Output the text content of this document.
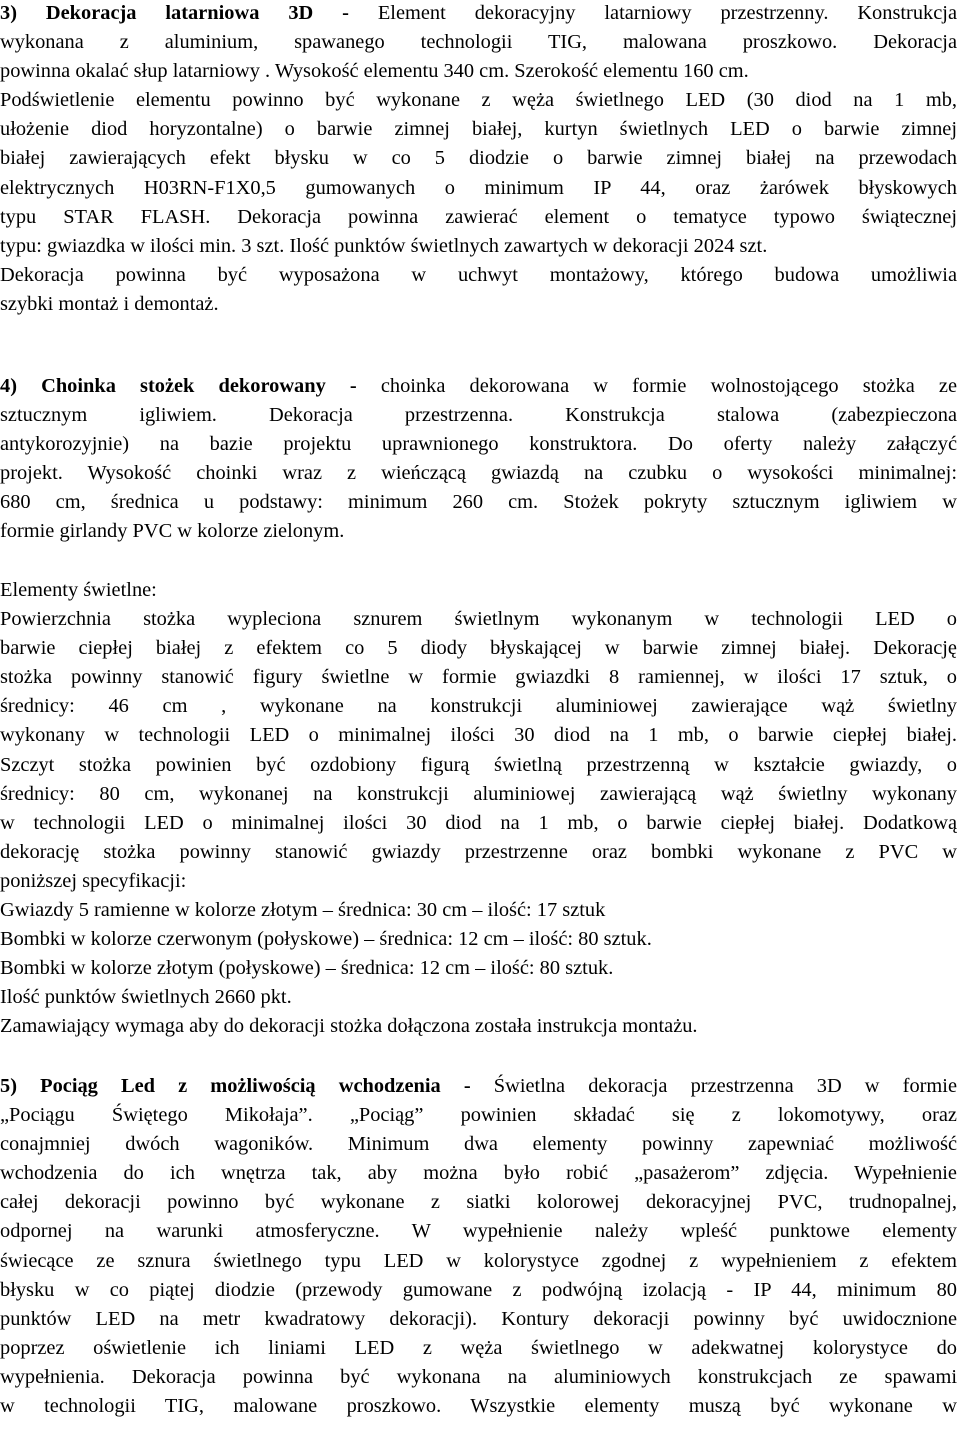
3) Dekoracja latarniowa 3D - Element dekoracyjny latarniowy przestrzenny. Konstrukcja
wykonana z aluminium, spawanego technologii TIG, malowana proszkowo. Dekoracja
powinna okalać słup latarniowy . Wysokość elementu 340 cm. Szerokość elementu 160 cm.
Podświetlenie elementu powinno być wykonane z węża świetlnego LED (30 diod na 1 mb,
ułożenie diod horyzontalne) o barwie zimnej białej, kurtyn świetlnych LED o barwie zimnej
białej zawierających efekt błysku w co 5 diodzie o barwie zimnej białej na przewodach
elektrycznych H03RN-F1X0,5 gumowanych o minimum IP 44, oraz żarówek błyskowych
typu STAR FLASH. Dekoracja powinna zawierać element o tematyce typowo świątecznej
typu: gwiazdka w ilości min. 3 szt. Ilość punktów świetlnych zawartych w dekoracji 2024 szt.
Dekoracja powinna być wyposażona w uchwyt montażowy, którego budowa umożliwia
szybki montaż i demontaż.
4) Choinka stożek dekorowany - choinka dekorowana w formie wolnostojącego stożka ze
sztucznym igliwiem. Dekoracja przestrzenna. Konstrukcja stalowa (zabezpieczona
antykorozyjnie) na bazie projektu uprawnionego konstruktora. Do oferty należy załączyć
projekt. Wysokość choinki wraz z wieńczącą gwiazdą na czubku o wysokości minimalnej:
680 cm, średnica u podstawy: minimum 260 cm. Stożek pokryty sztucznym igliwiem w
formie girlandy PVC w kolorze zielonym.
Elementy świetlne:
Powierzchnia stożka wypleciona sznurem świetlnym wykonanym w technologii LED o
barwie ciepłej białej z efektem co 5 diody błyskającej w barwie zimnej białej. Dekorację
stożka powinny stanowić figury świetlne w formie gwiazdki 8 ramiennej, w ilości 17 sztuk, o
średnicy: 46 cm , wykonane na konstrukcji aluminiowej zawierające wąż świetlny
wykonany w technologii LED o minimalnej ilości 30 diod na 1 mb, o barwie ciepłej białej.
Szczyt stożka powinien być ozdobiony figurą świetlną przestrzenną w kształcie gwiazdy, o
średnicy: 80 cm, wykonanej na konstrukcji aluminiowej zawierającą wąż świetlny wykonany
w technologii LED o minimalnej ilości 30 diod na 1 mb, o barwie ciepłej białej. Dodatkową
dekorację stożka powinny stanowić gwiazdy przestrzenne oraz bombki wykonane z PVC w
poniższej specyfikacji:
Gwiazdy 5 ramienne w kolorze złotym – średnica: 30 cm – ilość: 17 sztuk
Bombki w kolorze czerwonym (połyskowe) – średnica: 12 cm – ilość: 80 sztuk.
Bombki w kolorze złotym (połyskowe) – średnica: 12 cm – ilość: 80 sztuk.
Ilość punktów świetlnych 2660 pkt.
Zamawiający wymaga aby do dekoracji stożka dołączona została instrukcja montażu.
5) Pociąg Led z możliwością wchodzenia - Świetlna dekoracja przestrzenna 3D w formie
„Pociągu Świętego Mikołaja”. „Pociąg” powinien składać się z lokomotywy, oraz
conajmniej dwóch wagoników. Minimum dwa elementy powinny zapewniać możliwość
wchodzenia do ich wnętrza tak, aby można było robić „pasażerom” zdjęcia. Wypełnienie
całej dekoracji powinno być wykonane z siatki kolorowej dekoracyjnej PVC, trudnopalnej,
odpornej na warunki atmosferyczne. W wypełnienie należy wpleść punktowe elementy
świecące ze sznura świetlnego typu LED w kolorystyce zgodnej z wypełnieniem z efektem
błysku w co piątej diodzie (przewody gumowane z podwójną izolacją - IP 44, minimum 80
punktów LED na metr kwadratowy dekoracji). Kontury dekoracji powinny być uwidocznione
poprzez oświetlenie ich liniami LED z węża świetlnego w adekwatnej kolorystyce do
wypełnienia. Dekoracja powinna być wykonana na aluminiowych konstrukcjach ze spawami
w technologii TIG, malowane proszkowo. Wszystkie elementy muszą być wykonane w
